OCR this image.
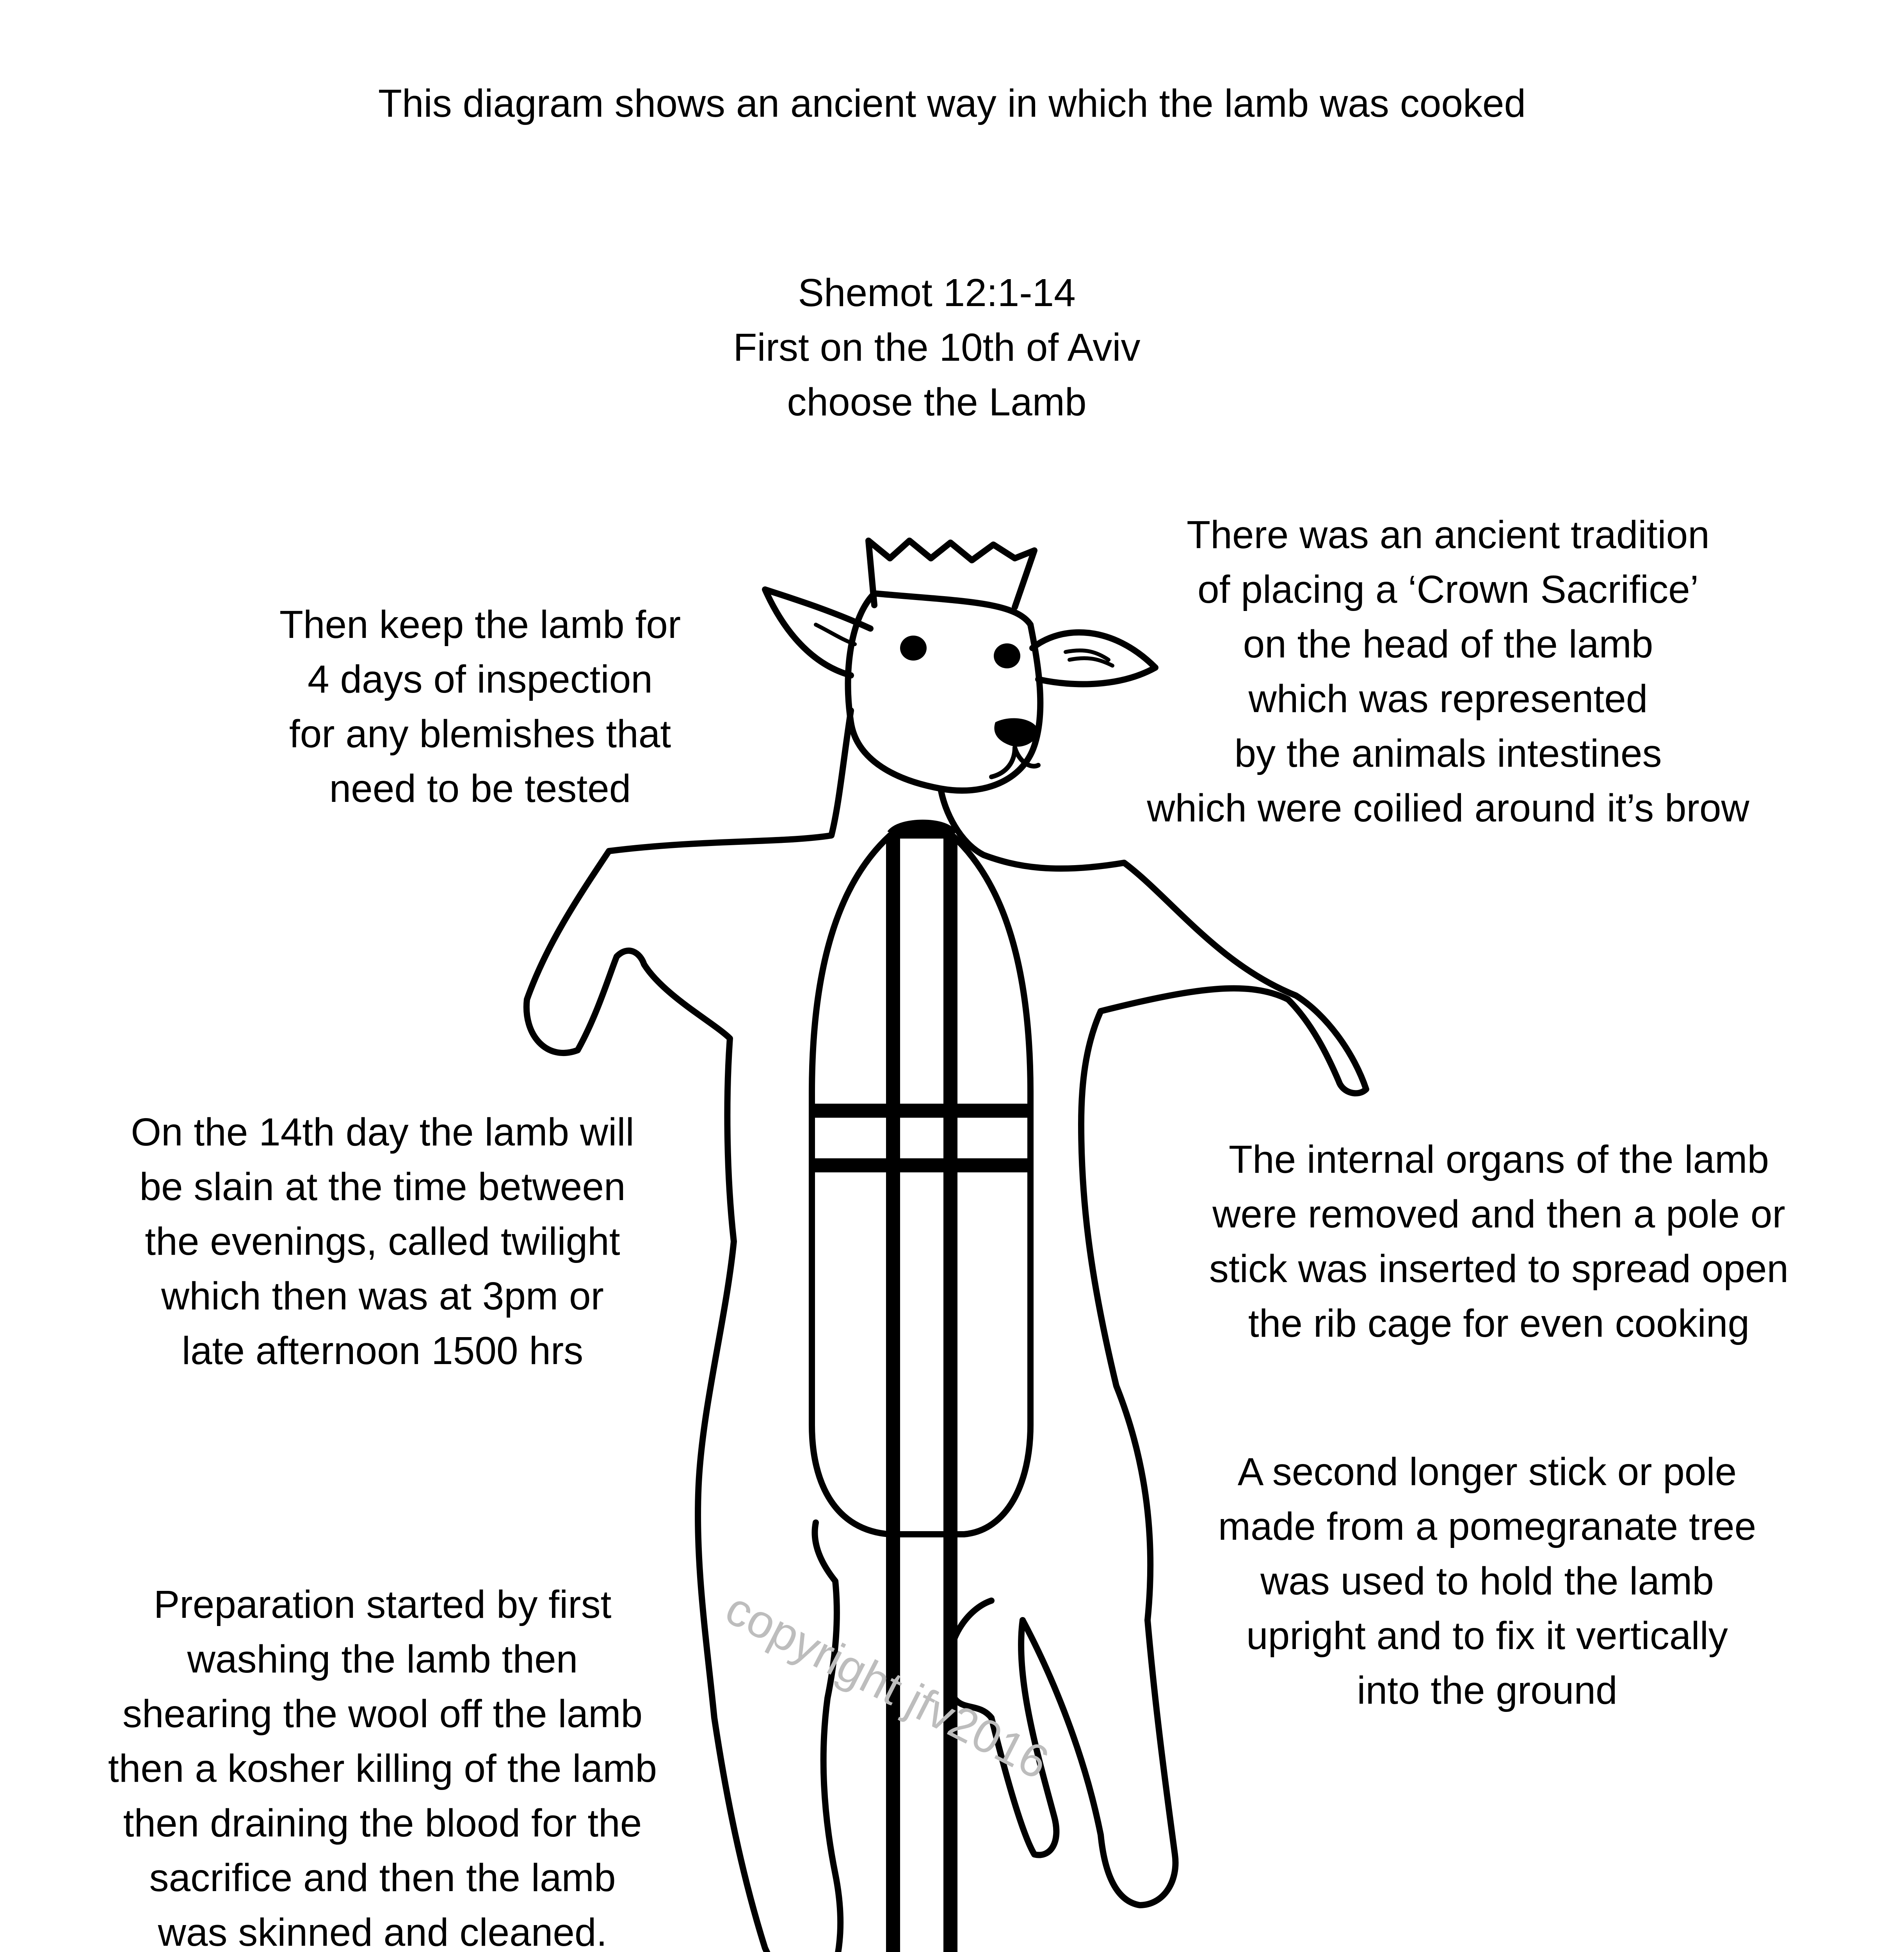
This diagram shows an ancient way in which the lamb was cooked
Shemot 12:1-14
First on the 10th of Aviv
choose the Lamb
There was an ancient tradition
of placing a ‘Crown Sacrifice’
on the head of the lamb
which was represented
by the animals intestines
which were coilied around it’s brow
Then keep the lamb for
4 days of inspection
for any blemishes that
need to be tested
On the 14th day the lamb will
be slain at the time between
the evenings, called twilight
which then was at 3pm or
late afternoon 1500 hrs
The internal organs of the lamb
were removed and then a pole or
stick was inserted to spread open
the rib cage for even cooking
A second longer stick or pole
made from a pomegranate tree
was used to hold the lamb
upright and to fix it vertically
into the ground
Preparation started by first
washing the lamb then
shearing the wool off the lamb
then a kosher killing of the lamb
then draining the blood for the
sacrifice and then the lamb
was skinned and cleaned.
copyright jfv2016
